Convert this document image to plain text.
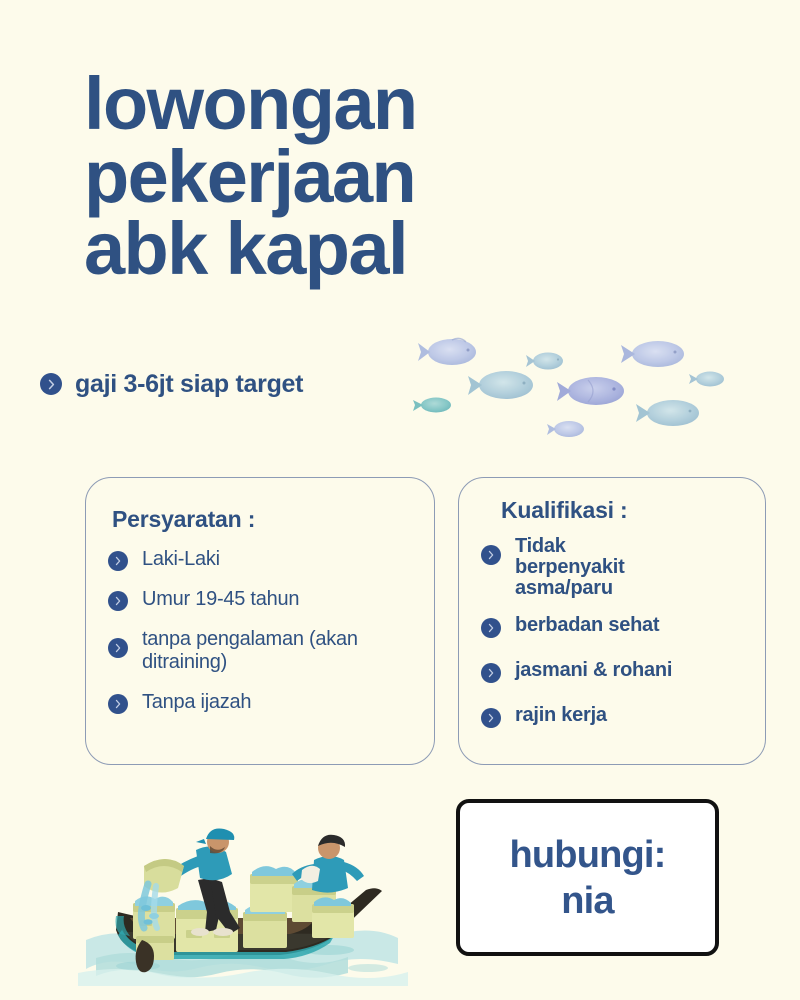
lowongan
pekerjaan
abk kapal
gaji 3-6jt siap target
Persyaratan :
Laki-Laki
Umur 19-45 tahun
tanpa pengalaman (akan ditraining)
Tanpa ijazah
Kualifikasi :
Tidak berpenyakit asma/paru
berbadan sehat
jasmani & rohani
rajin kerja
hubungi:
nia
